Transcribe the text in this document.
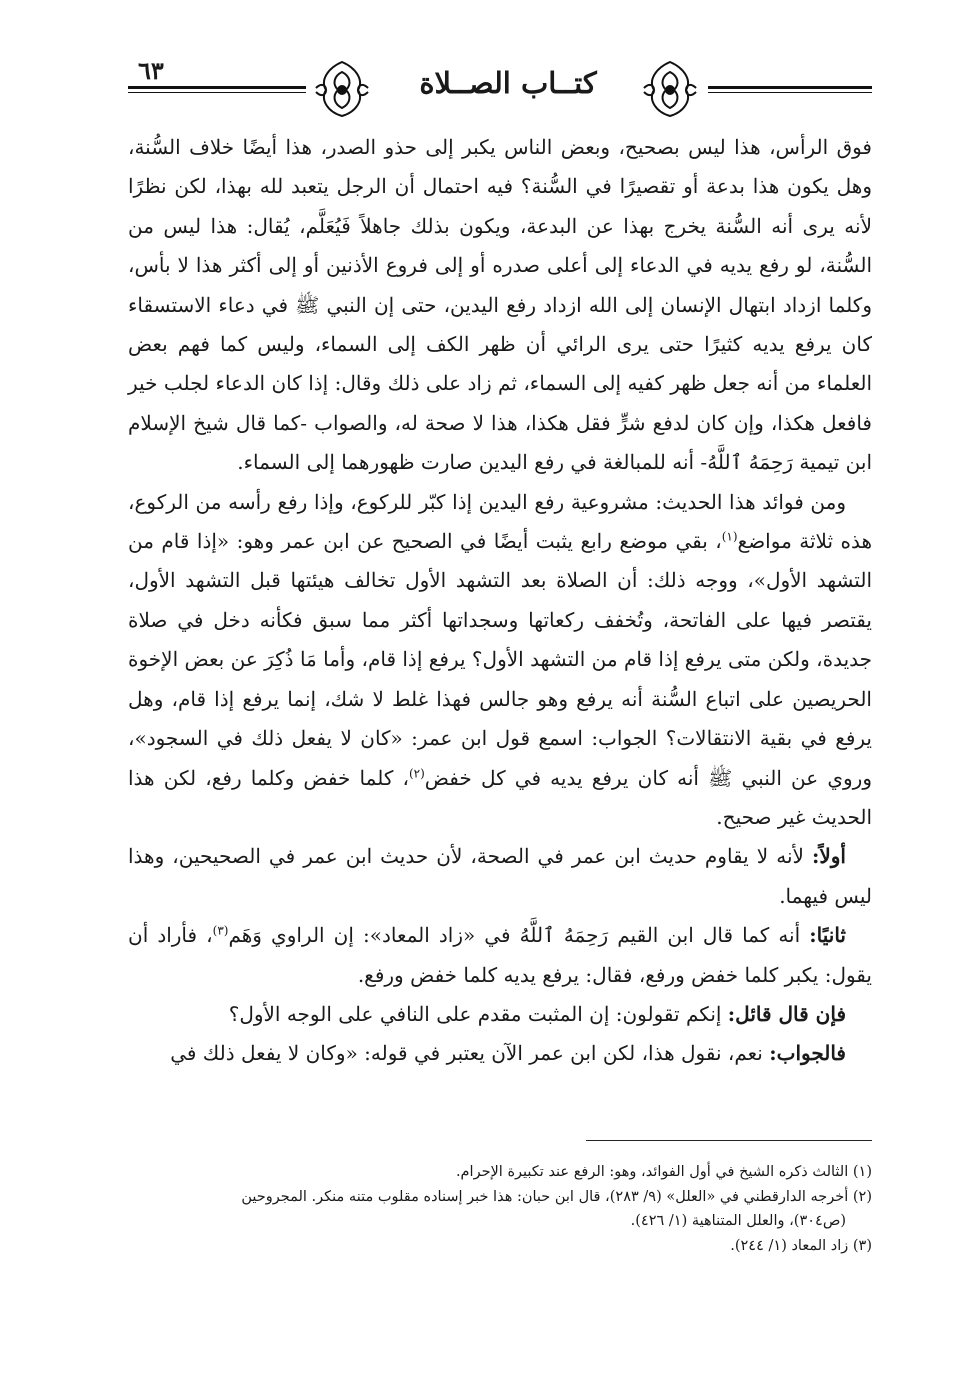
٦٣	كتــاب الصــلاة

فوق الرأس، هذا ليس بصحيح، وبعض الناس يكبر إلى حذو الصدر، هذا أيضًا خلاف السُّنة، وهل يكون هذا بدعة أو تقصيرًا في السُّنة؟ فيه احتمال أن الرجل يتعبد لله بهذا، لكن نظرًا لأنه يرى أنه السُّنة يخرج بهذا عن البدعة، ويكون بذلك جاهلاً فَيُعَلَّم، يُقال: هذا ليس من السُّنة، لو رفع يديه في الدعاء إلى أعلى صدره أو إلى فروع الأذنين أو إلى أكثر هذا لا بأس، وكلما ازداد ابتهال الإنسان إلى الله ازداد رفع اليدين، حتى إن النبي ﷺ في دعاء الاستسقاء كان يرفع يديه كثيرًا حتى يرى الرائي أن ظهر الكف إلى السماء، وليس كما فهم بعض العلماء من أنه جعل ظهر كفيه إلى السماء، ثم زاد على ذلك وقال: إذا كان الدعاء لجلب خير فافعل هكذا، وإن كان لدفع شرٍّ فقل هكذا، هذا لا صحة له، والصواب -كما قال شيخ الإسلام ابن تيمية رَحِمَهُ ٱللَّهُ- أنه للمبالغة في رفع اليدين صارت ظهورهما إلى السماء.

ومن فوائد هذا الحديث: مشروعية رفع اليدين إذا كبّر للركوع، وإذا رفع رأسه من الركوع، هذه ثلاثة مواضع$^{(١)}$، بقي موضع رابع يثبت أيضًا في الصحيح عن ابن عمر وهو: «إذا قام من التشهد الأول»، ووجه ذلك: أن الصلاة بعد التشهد الأول تخالف هيئتها قبل التشهد الأول، يقتصر فيها على الفاتحة، وتُخفف ركعاتها وسجداتها أكثر مما سبق فكأنه دخل في صلاة جديدة، ولكن متى يرفع إذا قام من التشهد الأول؟ يرفع إذا قام، وأما مَا ذُكِرَ عن بعض الإخوة الحريصين على اتباع السُّنة أنه يرفع وهو جالس فهذا غلط لا شك، إنما يرفع إذا قام، وهل يرفع في بقية الانتقالات؟ الجواب: اسمع قول ابن عمر: «كان لا يفعل ذلك في السجود»، وروي عن النبي ﷺ أنه كان يرفع يديه في كل خفض$^{(٢)}$، كلما خفض وكلما رفع، لكن هذا الحديث غير صحيح.

أولاً: لأنه لا يقاوم حديث ابن عمر في الصحة، لأن حديث ابن عمر في الصحيحين، وهذا ليس فيهما.

ثانيًا: أنه كما قال ابن القيم رَحِمَهُ ٱللَّهُ في «زاد المعاد»: إن الراوي وَهَم$^{(٣)}$، فأراد أن يقول: يكبر كلما خفض ورفع، فقال: يرفع يديه كلما خفض ورفع.

فإن قال قائل: إنكم تقولون: إن المثبت مقدم على النافي على الوجه الأول؟

فالجواب: نعم، نقول هذا، لكن ابن عمر الآن يعتبر في قوله: «وكان لا يفعل ذلك في

(١) الثالث ذكره الشيخ في أول الفوائد، وهو: الرفع عند تكبيرة الإحرام.

(٢) أخرجه الدارقطني في «العلل» (٩/ ٢٨٣)، قال ابن حبان: هذا خبر إسناده مقلوب متنه منكر. المجروحين

(ص٣٠٤)، والعلل المتناهية (١/ ٤٢٦).

(٣) زاد المعاد (١/ ٢٤٤).
